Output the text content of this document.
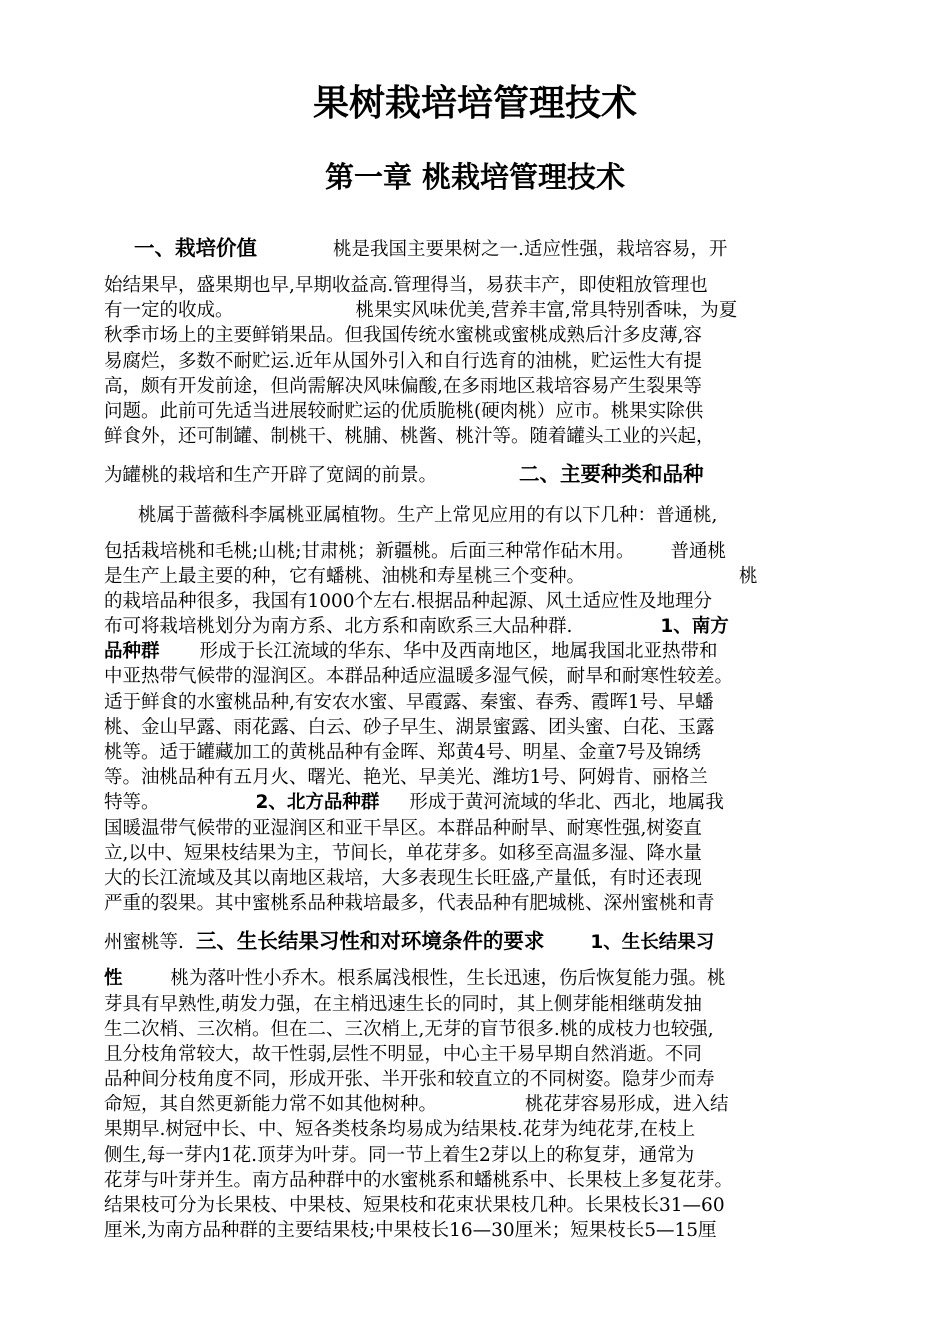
果树栽培培管理技术
第一章 桃栽培管理技术
一、栽培价值	桃是我国主要果树之一.适应性强，栽培容易，开
始结果早，盛果期也早,早期收益高.管理得当，易获丰产，即使粗放管理也
有一定的收成。	桃果实风味优美,营养丰富,常具特别香味，为夏
秋季市场上的主要鲜销果品。但我国传统水蜜桃或蜜桃成熟后汁多皮薄,容
易腐烂，多数不耐贮运.近年从国外引入和自行选育的油桃，贮运性大有提
高，颇有开发前途，但尚需解决风味偏酸,在多雨地区栽培容易产生裂果等
问题。此前可先适当进展较耐贮运的优质脆桃(硬肉桃）应市。桃果实除供
鲜食外，还可制罐、制桃干、桃脯、桃酱、桃汁等。随着罐头工业的兴起，
为罐桃的栽培和生产开辟了宽阔的前景。	二、主要种类和品种
桃属于蔷薇科李属桃亚属植物。生产上常见应用的有以下几种：普通桃,
包括栽培桃和毛桃;山桃;甘肃桃；新疆桃。后面三种常作砧木用。 普通桃
是生产上最主要的种，它有蟠桃、油桃和寿星桃三个变种。	桃
的栽培品种很多，我国有1000个左右.根据品种起源、风土适应性及地理分
布可将栽培桃划分为南方系、北方系和南欧系三大品种群.	1、南方
品种群 形成于长江流域的华东、华中及西南地区，地属我国北亚热带和
中亚热带气候带的湿润区。本群品种适应温暖多湿气候，耐旱和耐寒性较差。
适于鲜食的水蜜桃品种,有安农水蜜、早霞露、秦蜜、春秀、霞晖1号、早蟠
桃、金山早露、雨花露、白云、砂子早生、湖景蜜露、团头蜜、白花、玉露
桃等。适于罐藏加工的黄桃品种有金晖、郑黄4号、明星、金童7号及锦绣
等。油桃品种有五月火、曙光、艳光、早美光、潍坊1号、阿姆肯、丽格兰
特等。	2、北方品种群 形成于黄河流域的华北、西北，地属我
国暖温带气候带的亚湿润区和亚干旱区。本群品种耐旱、耐寒性强,树姿直
立,以中、短果枝结果为主，节间长，单花芽多。如移至高温多湿、降水量
大的长江流域及其以南地区栽培，大多表现生长旺盛,产量低，有时还表现
严重的裂果。其中蜜桃系品种栽培最多，代表品种有肥城桃、深州蜜桃和青
州蜜桃等. 三、生长结果习性和对环境条件的要求 1、生长结果习
性	桃为落叶性小乔木。根系属浅根性，生长迅速，伤后恢复能力强。桃
芽具有早熟性,萌发力强，在主梢迅速生长的同时，其上侧芽能相继萌发抽
生二次梢、三次梢。但在二、三次梢上,无芽的盲节很多.桃的成枝力也较强,
且分枝角常较大，故干性弱,层性不明显，中心主干易早期自然消逝。不同
品种间分枝角度不同，形成开张、半开张和较直立的不同树姿。隐芽少而寿
命短，其自然更新能力常不如其他树种。	桃花芽容易形成，进入结
果期早.树冠中长、中、短各类枝条均易成为结果枝.花芽为纯花芽,在枝上
侧生,每一芽内1花.顶芽为叶芽。同一节上着生2芽以上的称复芽，通常为
花芽与叶芽并生。南方品种群中的水蜜桃系和蟠桃系中、长果枝上多复花芽。
结果枝可分为长果枝、中果枝、短果枝和花束状果枝几种。长果枝长31—60
厘米,为南方品种群的主要结果枝;中果枝长16—30厘米；短果枝长5—15厘
